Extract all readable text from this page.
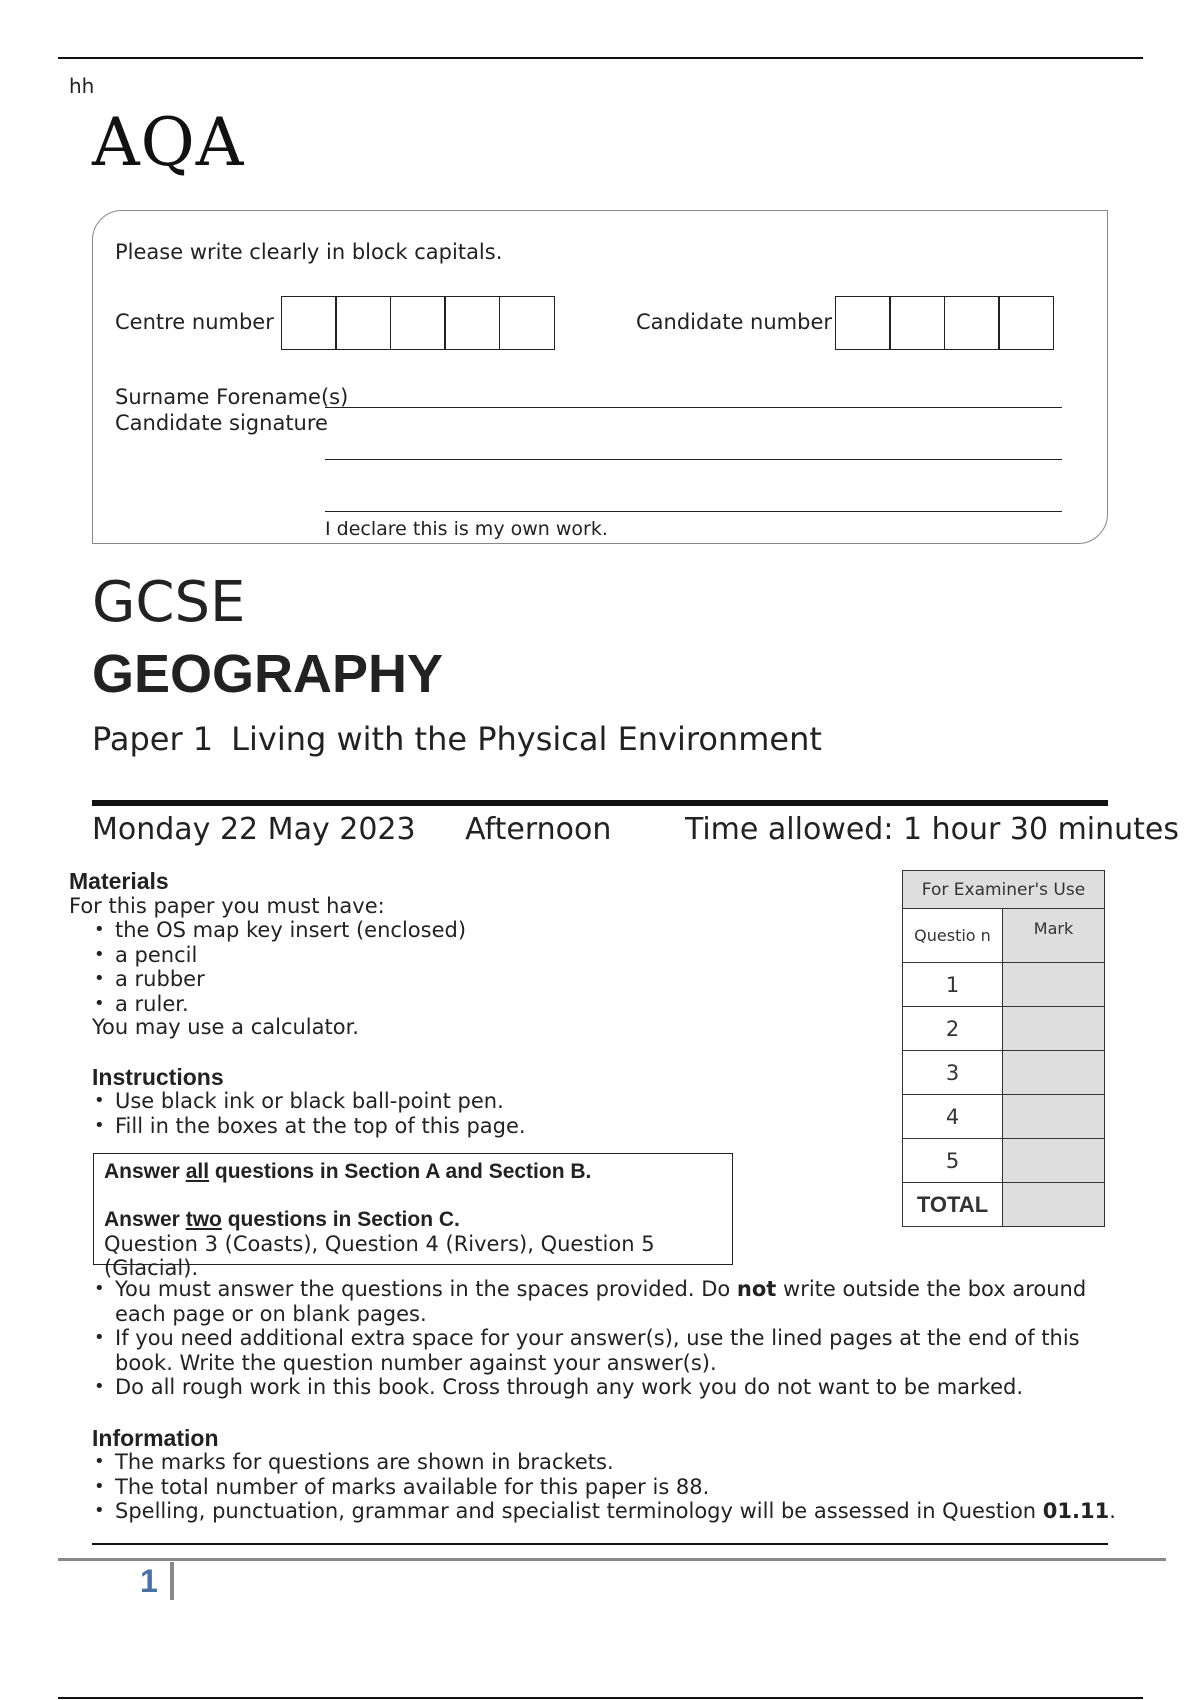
hh
AQA
Please write clearly in block capitals.
Centre number	Candidate number
Surname Forename(s)
Candidate signature
I declare this is my own work.
GCSE
GEOGRAPHY
Paper 1 Living with the Physical Environment
Monday 22 May 2023 Afternoon Time allowed: 1 hour 30 minutes
Materials
For this paper you must have:
• the OS map key insert (enclosed)
• a pencil
• a rubber
• a ruler.
You may use a calculator.
Instructions
• Use black ink or black ball-point pen.
• Fill in the boxes at the top of this page.
Answer all questions in Section A and Section B.
Answer two questions in Section C.
Question 3 (Coasts), Question 4 (Rivers), Question 5 (Glacial).
• You must answer the questions in the spaces provided. Do not write outside the box around each page or on blank pages.
• If you need additional extra space for your answer(s), use the lined pages at the end of this book. Write the question number against your answer(s).
• Do all rough work in this book. Cross through any work you do not want to be marked.
Information
• The marks for questions are shown in brackets.
• The total number of marks available for this paper is 88.
• Spelling, punctuation, grammar and specialist terminology will be assessed in Question 01.11.
For Examiner's Use	
Questio n	Mark
1	
2	
3	
4	
5	
TOTAL	
1
